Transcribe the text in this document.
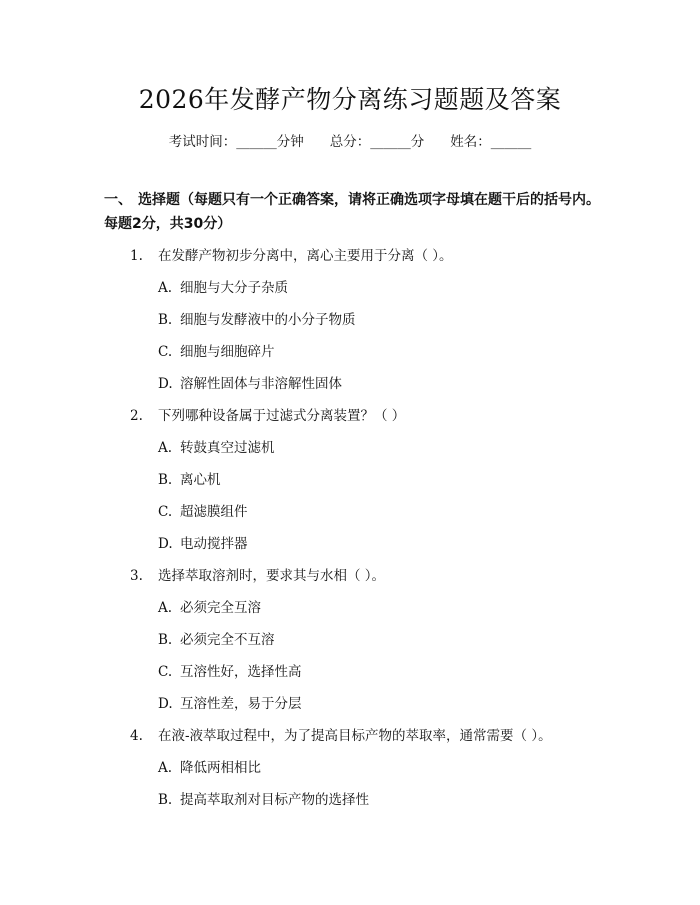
2026年发酵产物分离练习题题及答案
考试时间：______分钟 总分：______分 姓名：______
一、 选择题（每题只有一个正确答案，请将正确选项字母填在题干后的括号内。每题2分，共30分）
1. 在发酵产物初步分离中，离心主要用于分离（ ）。
A. 细胞与大分子杂质
B. 细胞与发酵液中的小分子物质
C. 细胞与细胞碎片
D. 溶解性固体与非溶解性固体
2. 下列哪种设备属于过滤式分离装置？（ ）
A. 转鼓真空过滤机
B. 离心机
C. 超滤膜组件
D. 电动搅拌器
3. 选择萃取溶剂时，要求其与水相（ ）。
A. 必须完全互溶
B. 必须完全不互溶
C. 互溶性好，选择性高
D. 互溶性差，易于分层
4. 在液-液萃取过程中，为了提高目标产物的萃取率，通常需要（ ）。
A. 降低两相相比
B. 提高萃取剂对目标产物的选择性
